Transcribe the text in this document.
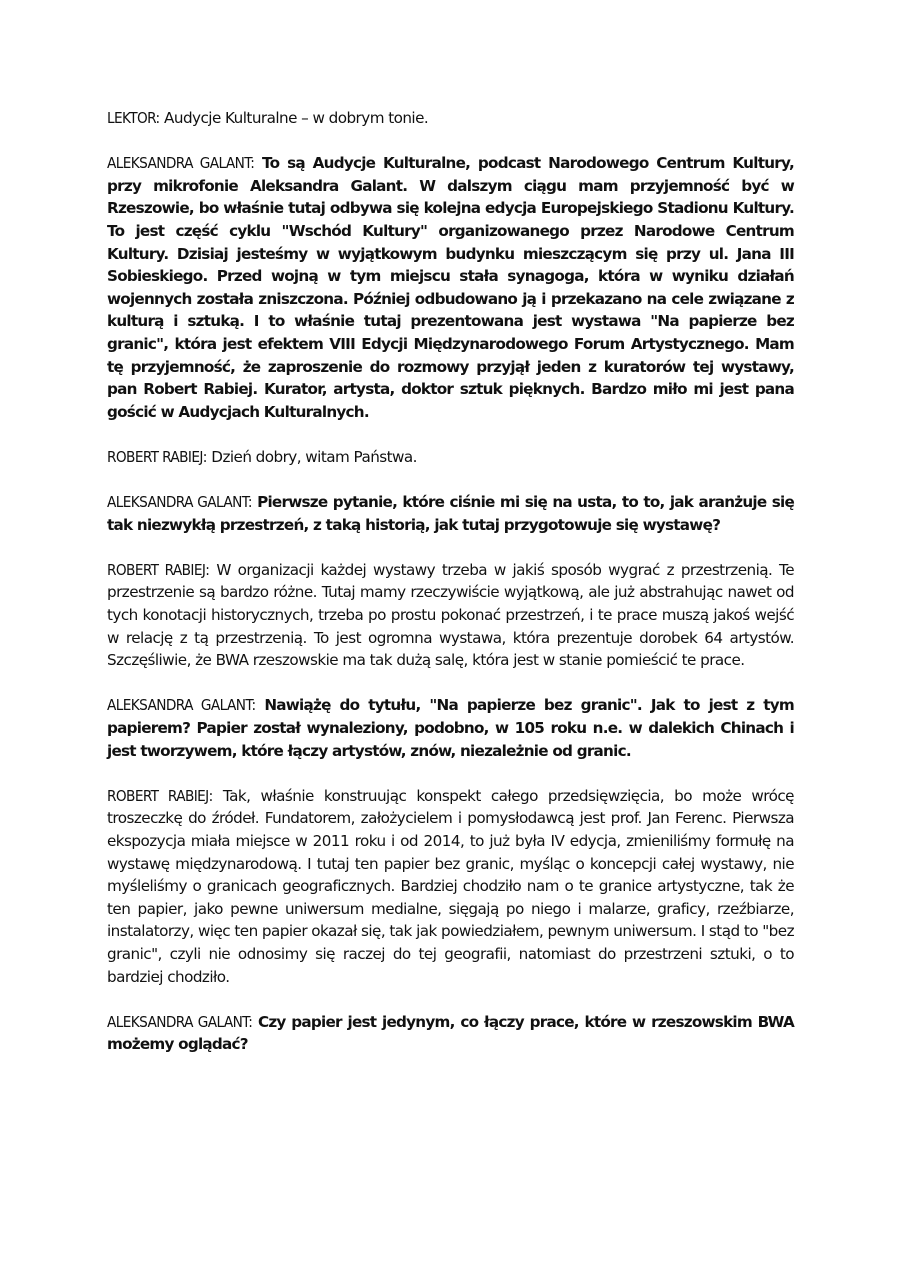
LEKTOR: Audycje Kulturalne – w dobrym tonie.

ALEKSANDRA GALANT: To są Audycje Kulturalne, podcast Narodowego Centrum Kultury, przy mikrofonie Aleksandra Galant. W dalszym ciągu mam przyjemność być w Rzeszowie, bo właśnie tutaj odbywa się kolejna edycja Europejskiego Stadionu Kultury. To jest część cyklu "Wschód Kultury" organizowanego przez Narodowe Centrum Kultury. Dzisiaj jesteśmy w wyjątkowym budynku mieszczącym się przy ul. Jana III Sobieskiego. Przed wojną w tym miejscu stała synagoga, która w wyniku działań wojennych została zniszczona. Później odbudowano ją i przekazano na cele związane z kulturą i sztuką. I to właśnie tutaj prezentowana jest wystawa "Na papierze bez granic", która jest efektem VIII Edycji Międzynarodowego Forum Artystycznego. Mam tę przyjemność, że zaproszenie do rozmowy przyjął jeden z kuratorów tej wystawy, pan Robert Rabiej. Kurator, artysta, doktor sztuk pięknych. Bardzo miło mi jest pana gościć w Audycjach Kulturalnych.

ROBERT RABIEJ: Dzień dobry, witam Państwa.

ALEKSANDRA GALANT: Pierwsze pytanie, które ciśnie mi się na usta, to to, jak aranżuje się tak niezwykłą przestrzeń, z taką historią, jak tutaj przygotowuje się wystawę?

ROBERT RABIEJ: W organizacji każdej wystawy trzeba w jakiś sposób wygrać z przestrzenią. Te przestrzenie są bardzo różne. Tutaj mamy rzeczywiście wyjątkową, ale już abstrahując nawet od tych konotacji historycznych, trzeba po prostu pokonać przestrzeń, i te prace muszą jakoś wejść w relację z tą przestrzenią. To jest ogromna wystawa, która prezentuje dorobek 64 artystów. Szczęśliwie, że BWA rzeszowskie ma tak dużą salę, która jest w stanie pomieścić te prace.

ALEKSANDRA GALANT: Nawiążę do tytułu, "Na papierze bez granic". Jak to jest z tym papierem? Papier został wynaleziony, podobno, w 105 roku n.e. w dalekich Chinach i jest tworzywem, które łączy artystów, znów, niezależnie od granic.

ROBERT RABIEJ: Tak, właśnie konstruując konspekt całego przedsięwzięcia, bo może wrócę troszeczkę do źródeł. Fundatorem, założycielem i pomysłodawcą jest prof. Jan Ferenc. Pierwsza ekspozycja miała miejsce w 2011 roku i od 2014, to już była IV edycja, zmieniliśmy formułę na wystawę międzynarodową. I tutaj ten papier bez granic, myśląc o koncepcji całej wystawy, nie myśleliśmy o granicach geograficznych. Bardziej chodziło nam o te granice artystyczne, tak że ten papier, jako pewne uniwersum medialne, sięgają po niego i malarze, graficy, rzeźbiarze, instalatorzy, więc ten papier okazał się, tak jak powiedziałem, pewnym uniwersum. I stąd to "bez granic", czyli nie odnosimy się raczej do tej geografii, natomiast do przestrzeni sztuki, o to bardziej chodziło.

ALEKSANDRA GALANT: Czy papier jest jedynym, co łączy prace, które w rzeszowskim BWA możemy oglądać?
